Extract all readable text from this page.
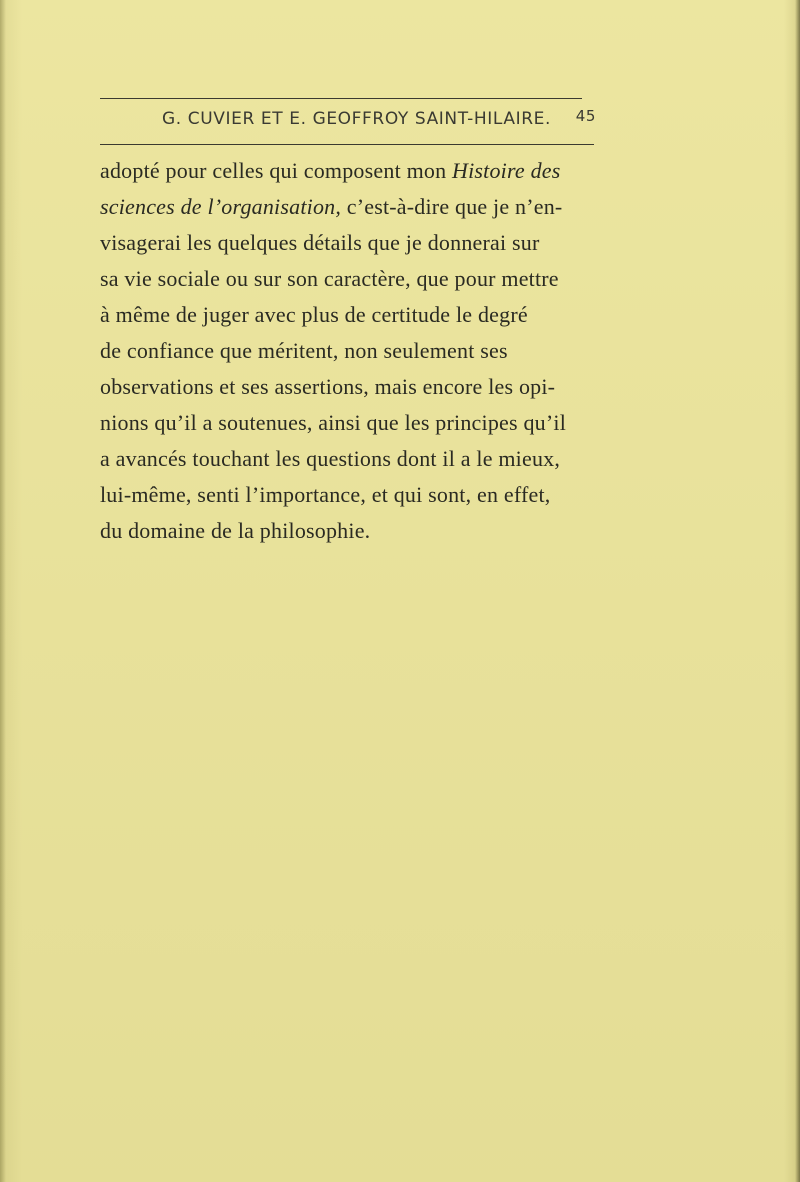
G. CUVIER ET E. GEOFFROY SAINT-HILAIRE. 45
adopté pour celles qui composent mon Histoire des
sciences de l’organisation, c’est-à-dire que je n’en-
visagerai les quelques détails que je donnerai sur
sa vie sociale ou sur son caractère, que pour mettre
à même de juger avec plus de certitude le degré
de confiance que méritent, non seulement ses
observations et ses assertions, mais encore les opi-
nions qu’il a soutenues, ainsi que les principes qu’il
a avancés touchant les questions dont il a le mieux,
lui-même, senti l’importance, et qui sont, en effet,
du domaine de la philosophie.
